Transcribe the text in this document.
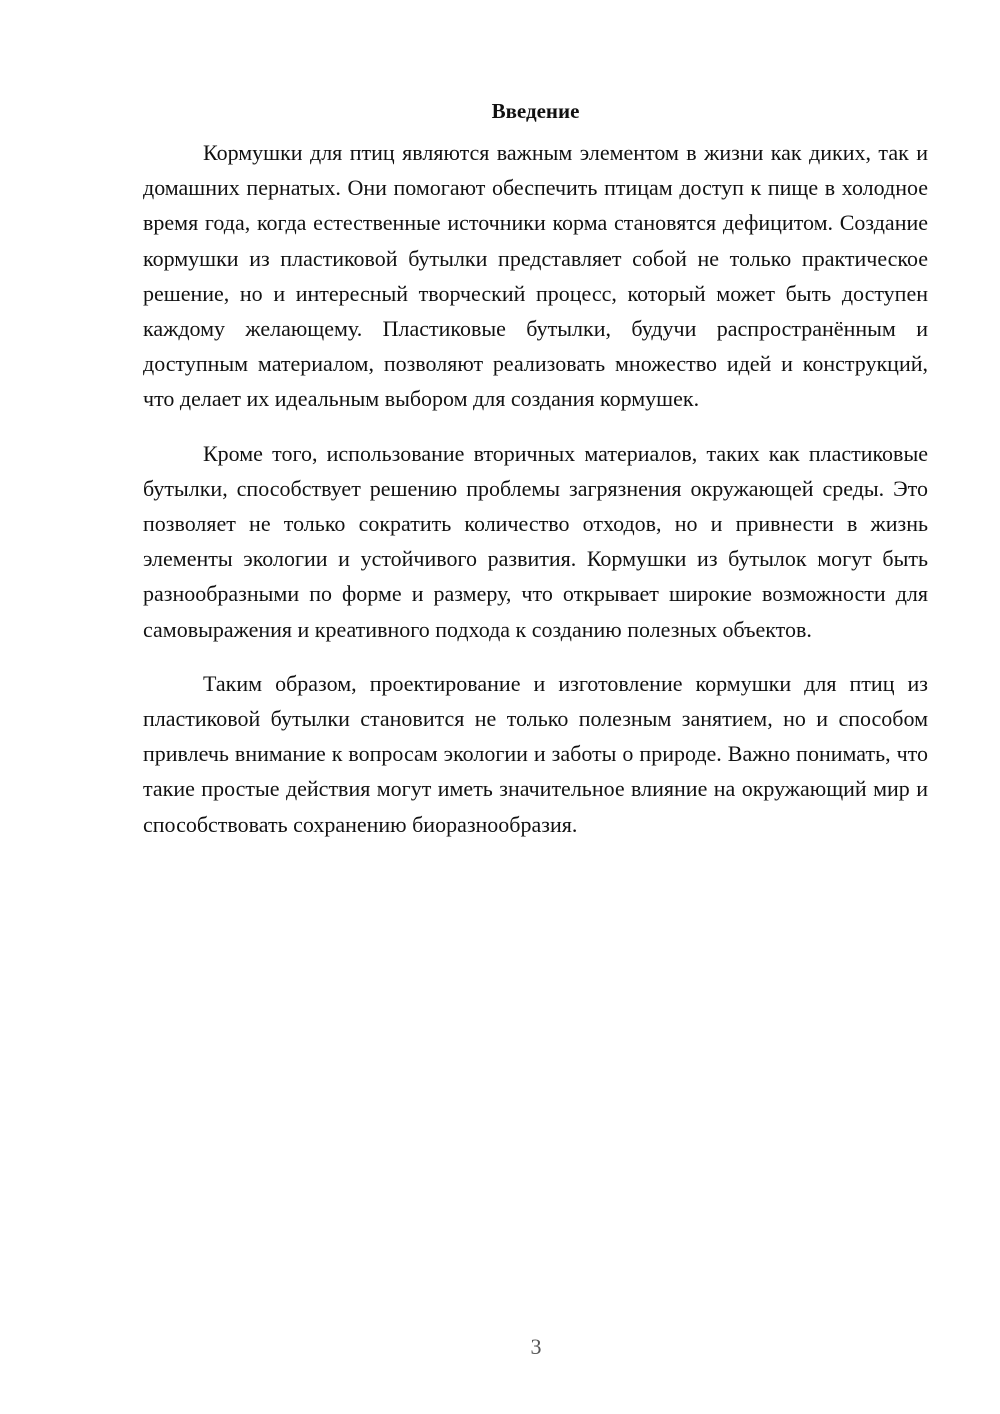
Введение

Кормушки для птиц являются важным элементом в жизни как диких, так и домашних пернатых. Они помогают обеспечить птицам доступ к пище в холодное время года, когда естественные источники корма становятся дефицитом. Создание кормушки из пластиковой бутылки представляет собой не только практическое решение, но и интересный творческий процесс, который может быть доступен каждому желающему. Пластиковые бутылки, будучи распространённым и доступным материалом, позволяют реализовать множество идей и конструкций, что делает их идеальным выбором для создания кормушек.

Кроме того, использование вторичных материалов, таких как пластиковые бутылки, способствует решению проблемы загрязнения окружающей среды. Это позволяет не только сократить количество отходов, но и привнести в жизнь элементы экологии и устойчивого развития. Кормушки из бутылок могут быть разнообразными по форме и размеру, что открывает широкие возможности для самовыражения и креативного подхода к созданию полезных объектов.

Таким образом, проектирование и изготовление кормушки для птиц из пластиковой бутылки становится не только полезным занятием, но и способом привлечь внимание к вопросам экологии и заботы о природе. Важно понимать, что такие простые действия могут иметь значительное влияние на окружающий мир и способствовать сохранению биоразнообразия.

3
